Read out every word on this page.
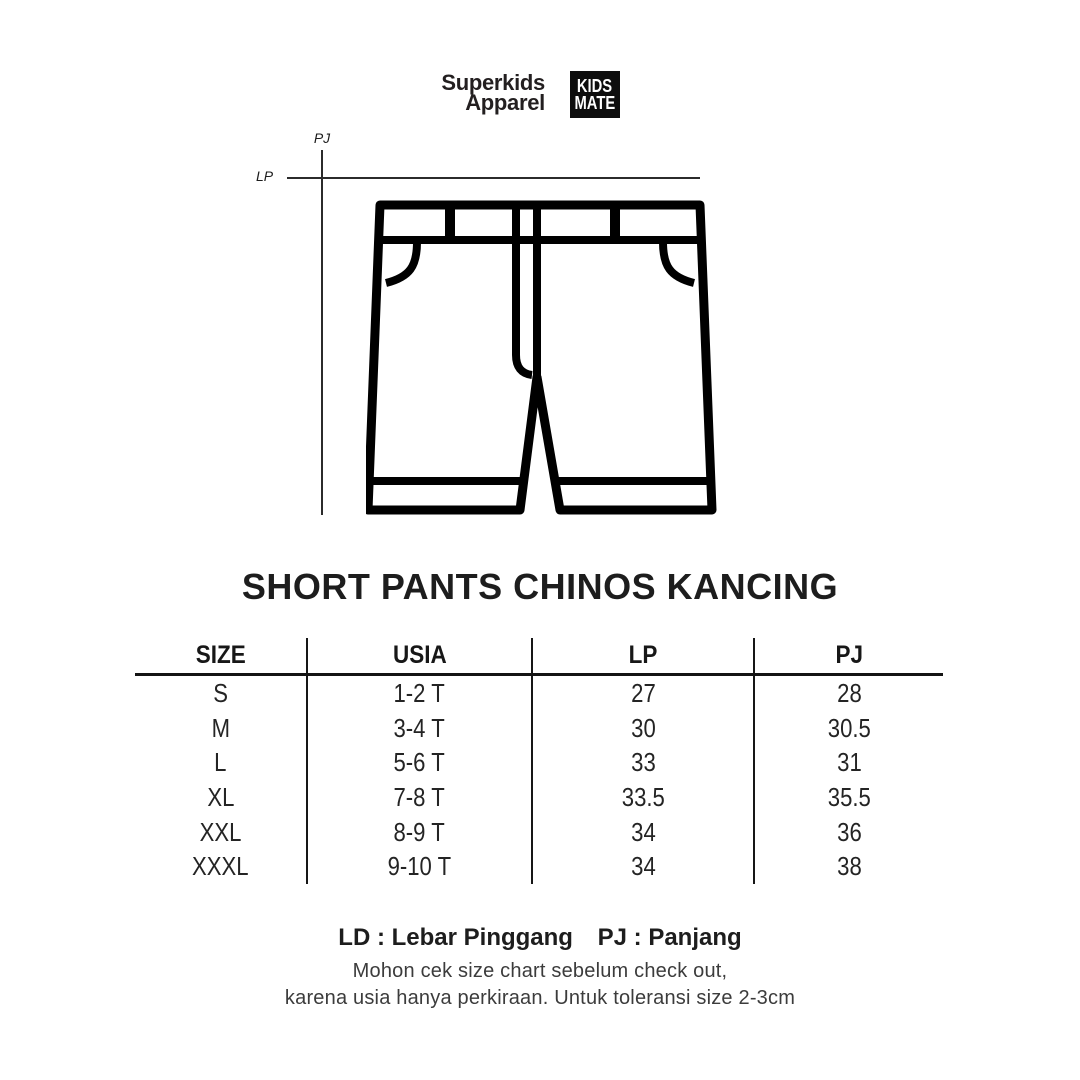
Superkids
Apparel
KIDS
MATE
PJ
LP
SHORT PANTS CHINOS KANCING
SIZE	USIA	LP	PJ
S	1-2 T	27	28
M	3-4 T	30	30.5
L	5-6 T	33	31
XL	7-8 T	33.5	35.5
XXL	8-9 T	34	36
XXXL	9-10 T	34	38
LD : Lebar Pinggang PJ : Panjang
Mohon cek size chart sebelum check out,
karena usia hanya perkiraan. Untuk toleransi size 2-3cm
